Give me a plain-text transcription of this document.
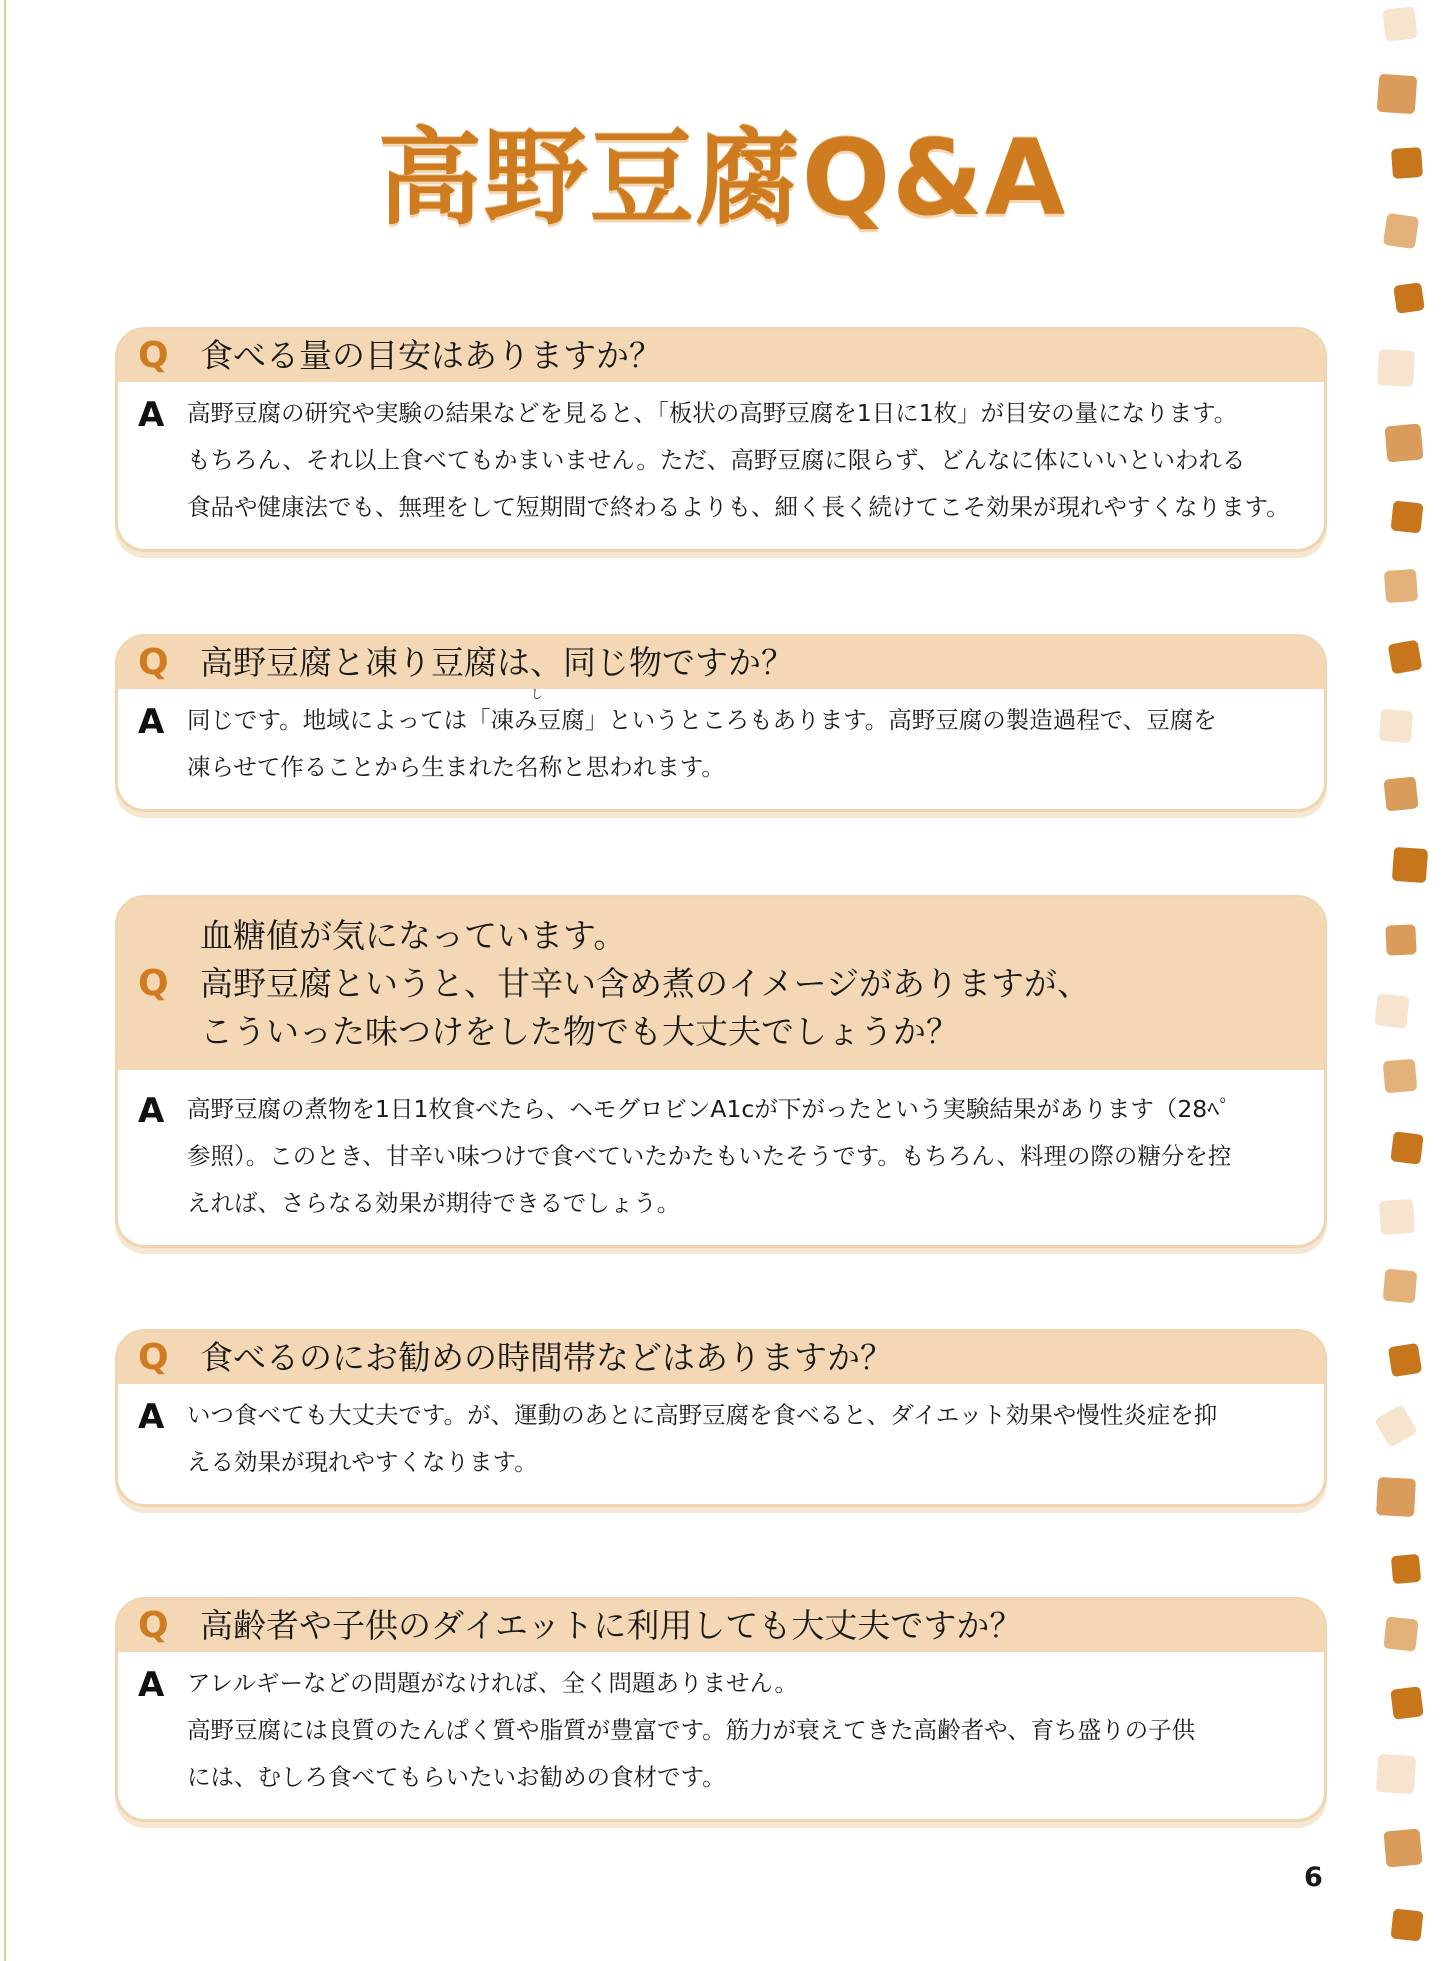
高野豆腐Q&A
Q 食べる量の目安はありますか？
A 高野豆腐の研究や実験の結果などを見ると、「板状の高野豆腐を1日に1枚」が目安の量になります。
もちろん、それ以上食べてもかまいません。ただ、高野豆腐に限らず、どんなに体にいいといわれる
食品や健康法でも、無理をして短期間で終わるよりも、細く長く続けてこそ効果が現れやすくなります。
Q 高野豆腐と凍り豆腐は、同じ物ですか？
A
し
同じです。地域によっては「凍み豆腐」というところもあります。高野豆腐の製造過程で、豆腐を
凍らせて作ることから生まれた名称と思われます。
Q
血糖値が気になっています。
高野豆腐というと、甘辛い含め煮のイメージがありますが、
こういった味つけをした物でも大丈夫でしょうか？
A 高野豆腐の煮物を1日1枚食べたら、ヘモグロビンA1cが下がったという実験結果があります（28ﾍﾟ
参照）。このとき、甘辛い味つけで食べていたかたもいたそうです。もちろん、料理の際の糖分を控
えれば、さらなる効果が期待できるでしょう。
Q 食べるのにお勧めの時間帯などはありますか？
A いつ食べても大丈夫です。が、運動のあとに高野豆腐を食べると、ダイエット効果や慢性炎症を抑
える効果が現れやすくなります。
Q 高齢者や子供のダイエットに利用しても大丈夫ですか？
A アレルギーなどの問題がなければ、全く問題ありません。
高野豆腐には良質のたんぱく質や脂質が豊富です。筋力が衰えてきた高齢者や、育ち盛りの子供
には、むしろ食べてもらいたいお勧めの食材です。
6
